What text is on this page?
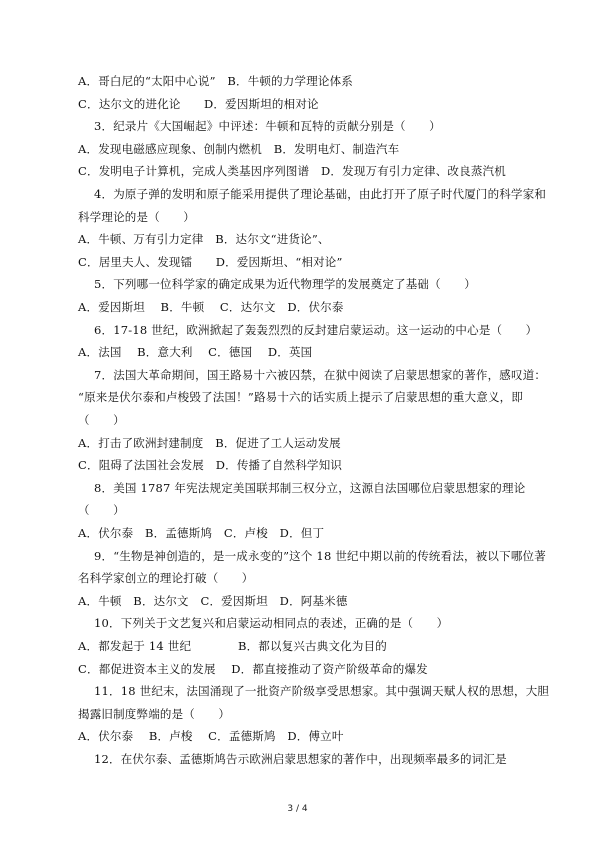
A．哥白尼的“太阳中心说”　B．牛顿的力学理论体系
C．达尔文的进化论　　D．爱因斯坦的相对论
3．纪录片《大国崛起》中评述：牛顿和瓦特的贡献分别是（　　）
A．发现电磁感应现象、创制内燃机　B．发明电灯、制造汽车
C．发明电子计算机，完成人类基因序列图谱　D．发现万有引力定律、改良蒸汽机
4．为原子弹的发明和原子能采用提供了理论基础，由此打开了原子时代厦门的科学家和
科学理论的是（　　）
A．牛顿、万有引力定律　B．达尔文“进货论”、
C．居里夫人、发现镭　　D．爱因斯坦、“相对论”
5．下列哪一位科学家的确定成果为近代物理学的发展奠定了基础（　　）
A．爱因斯坦　 B．牛顿　 C．达尔文　D．伏尔泰
6．17-18 世纪，欧洲掀起了轰轰烈烈的反封建启蒙运动。这一运动的中心是（　　）
A．法国　 B．意大利　 C．德国　 D．英国
7．法国大革命期间，国王路易十六被囚禁，在狱中阅读了启蒙思想家的著作，感叹道：
“原来是伏尔泰和卢梭毁了法国！”路易十六的话实质上提示了启蒙思想的重大意义，即
（　　）
A．打击了欧洲封建制度　B．促进了工人运动发展
C．阻碍了法国社会发展　D．传播了自然科学知识
8．美国 1787 年宪法规定美国联邦制三权分立，这源自法国哪位启蒙思想家的理论
（　　）
A．伏尔泰　B．孟德斯鸠　C．卢梭　D．但丁
9．“生物是神创造的，是一成永变的”这个 18 世纪中期以前的传统看法，被以下哪位著
名科学家创立的理论打破（　　）
A．牛顿　B．达尔文　C．爱因斯坦　D．阿基米德
10．下列关于文艺复兴和启蒙运动相同点的表述，正确的是（　　）
A．都发起于 14 世纪　　　　B．都以复兴古典文化为目的
C．都促进资本主义的发展　 D．都直接推动了资产阶级革命的爆发
11．18 世纪末，法国涌现了一批资产阶级享受思想家。其中强调天赋人权的思想，大胆
揭露旧制度弊端的是（　　）
A．伏尔泰　 B．卢梭　 C．孟德斯鸠　D．傅立叶
12．在伏尔泰、孟德斯鸠告示欧洲启蒙思想家的著作中，出现频率最多的词汇是
3 / 4
